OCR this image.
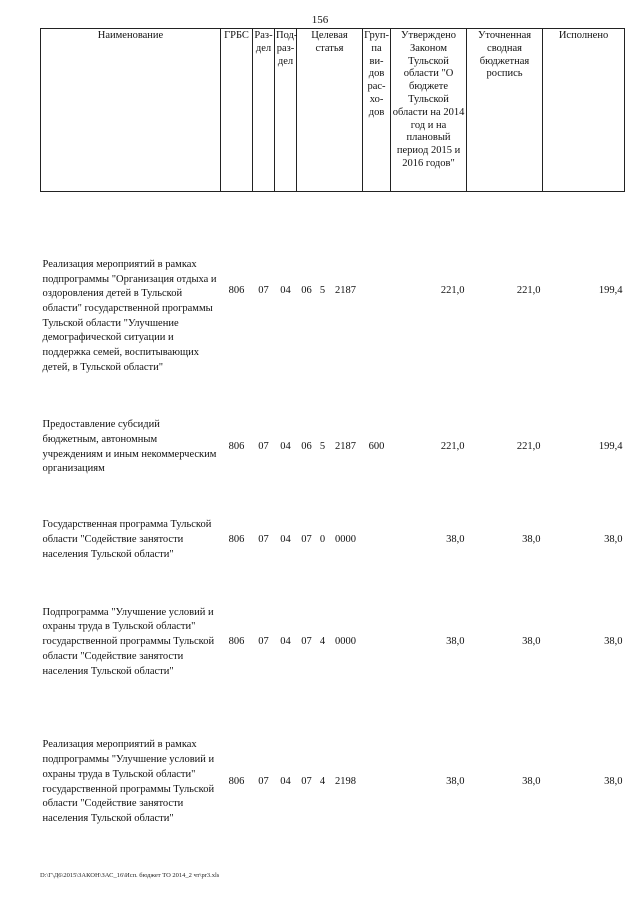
156
Наименование	ГРБС	Раз-дел	Под-раз-дел	Целевая статья			Груп-па ви-дов рас-хо-дов	Утверждено Законом Тульской области "О бюджете Тульской области на 2014 год и на плановый период 2015 и 2016 годов"	Уточненная сводная бюджетная роспись	Исполнено
Реализация мероприятий в рамках подпрограммы "Организация отдыха и оздоровления детей в Тульской области" государственной программы Тульской области "Улучшение демографической ситуации и поддержка семей, воспитывающих детей, в Тульской области"	806	07	04	06	5	2187		221,0	221,0	199,4
Предоставление субсидий бюджетным, автономным учреждениям и иным некоммерческим организациям	806	07	04	06	5	2187	600	221,0	221,0	199,4
Государственная программа Тульской области "Содействие занятости населения Тульской области"	806	07	04	07	0	0000		38,0	38,0	38,0
Подпрограмма "Улучшение условий и охраны труда в Тульской области" государственной программы Тульской области "Содействие занятости населения Тульской области"	806	07	04	07	4	0000		38,0	38,0	38,0
Реализация мероприятий в рамках подпрограммы "Улучшение условий и охраны труда в Тульской области" государственной программы Тульской области "Содействие занятости населения Тульской области"	806	07	04	07	4	2198		38,0	38,0	38,0
D:\Г\Д6\2015\ЗАКОН\ЗАС_16\Исп. бюджет ТО 2014_2 чт\рr3.xls
